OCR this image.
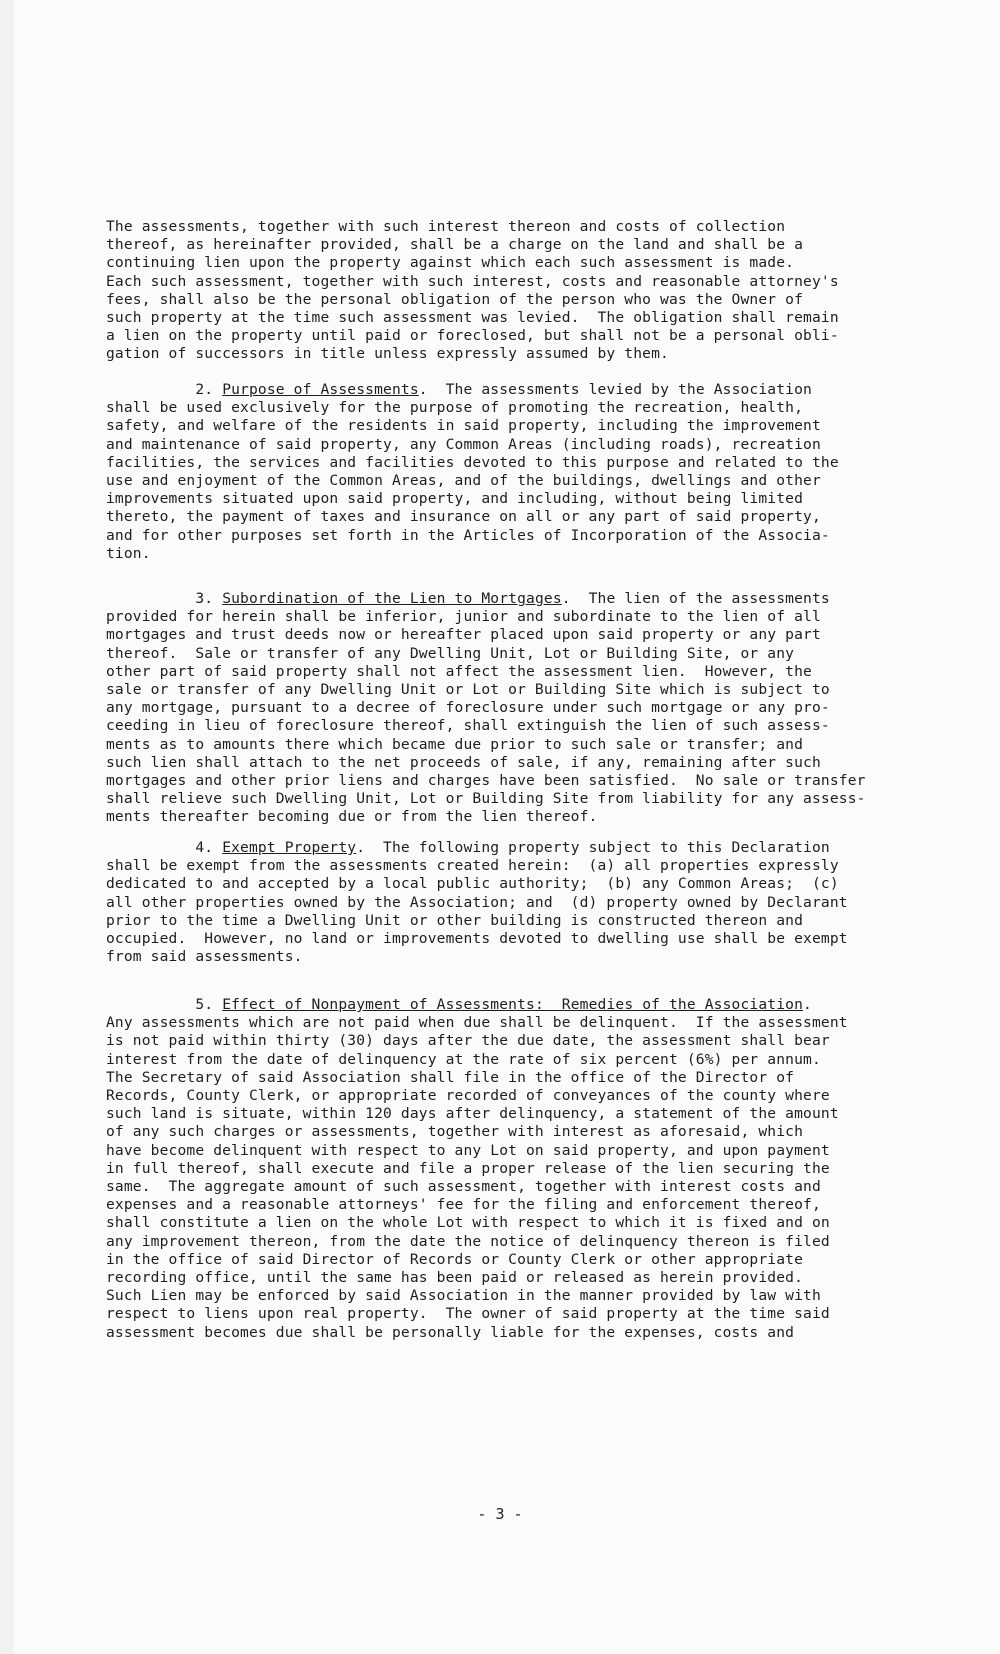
The assessments, together with such interest thereon and costs of collection
thereof, as hereinafter provided, shall be a charge on the land and shall be a
continuing lien upon the property against which each such assessment is made.
Each such assessment, together with such interest, costs and reasonable attorney's
fees, shall also be the personal obligation of the person who was the Owner of
such property at the time such assessment was levied.  The obligation shall remain
a lien on the property until paid or foreclosed, but shall not be a personal obli-
gation of successors in title unless expressly assumed by them.
2. Purpose of Assessments.  The assessments levied by the Association
shall be used exclusively for the purpose of promoting the recreation, health,
safety, and welfare of the residents in said property, including the improvement
and maintenance of said property, any Common Areas (including roads), recreation
facilities, the services and facilities devoted to this purpose and related to the
use and enjoyment of the Common Areas, and of the buildings, dwellings and other
improvements situated upon said property, and including, without being limited
thereto, the payment of taxes and insurance on all or any part of said property,
and for other purposes set forth in the Articles of Incorporation of the Associa-
tion.
3. Subordination of the Lien to Mortgages.  The lien of the assessments
provided for herein shall be inferior, junior and subordinate to the lien of all
mortgages and trust deeds now or hereafter placed upon said property or any part
thereof.  Sale or transfer of any Dwelling Unit, Lot or Building Site, or any
other part of said property shall not affect the assessment lien.  However, the
sale or transfer of any Dwelling Unit or Lot or Building Site which is subject to
any mortgage, pursuant to a decree of foreclosure under such mortgage or any pro-
ceeding in lieu of foreclosure thereof, shall extinguish the lien of such assess-
ments as to amounts there which became due prior to such sale or transfer; and
such lien shall attach to the net proceeds of sale, if any, remaining after such
mortgages and other prior liens and charges have been satisfied.  No sale or transfer
shall relieve such Dwelling Unit, Lot or Building Site from liability for any assess-
ments thereafter becoming due or from the lien thereof.
4. Exempt Property.  The following property subject to this Declaration
shall be exempt from the assessments created herein:  (a) all properties expressly
dedicated to and accepted by a local public authority;  (b) any Common Areas;  (c)
all other properties owned by the Association; and  (d) property owned by Declarant
prior to the time a Dwelling Unit or other building is constructed thereon and
occupied.  However, no land or improvements devoted to dwelling use shall be exempt
from said assessments.
5. Effect of Nonpayment of Assessments:  Remedies of the Association.
Any assessments which are not paid when due shall be delinquent.  If the assessment
is not paid within thirty (30) days after the due date, the assessment shall bear
interest from the date of delinquency at the rate of six percent (6%) per annum.
The Secretary of said Association shall file in the office of the Director of
Records, County Clerk, or appropriate recorded of conveyances of the county where
such land is situate, within 120 days after delinquency, a statement of the amount
of any such charges or assessments, together with interest as aforesaid, which
have become delinquent with respect to any Lot on said property, and upon payment
in full thereof, shall execute and file a proper release of the lien securing the
same.  The aggregate amount of such assessment, together with interest costs and
expenses and a reasonable attorneys' fee for the filing and enforcement thereof,
shall constitute a lien on the whole Lot with respect to which it is fixed and on
any improvement thereon, from the date the notice of delinquency thereon is filed
in the office of said Director of Records or County Clerk or other appropriate
recording office, until the same has been paid or released as herein provided.
Such Lien may be enforced by said Association in the manner provided by law with
respect to liens upon real property.  The owner of said property at the time said
assessment becomes due shall be personally liable for the expenses, costs and
- 3 -
